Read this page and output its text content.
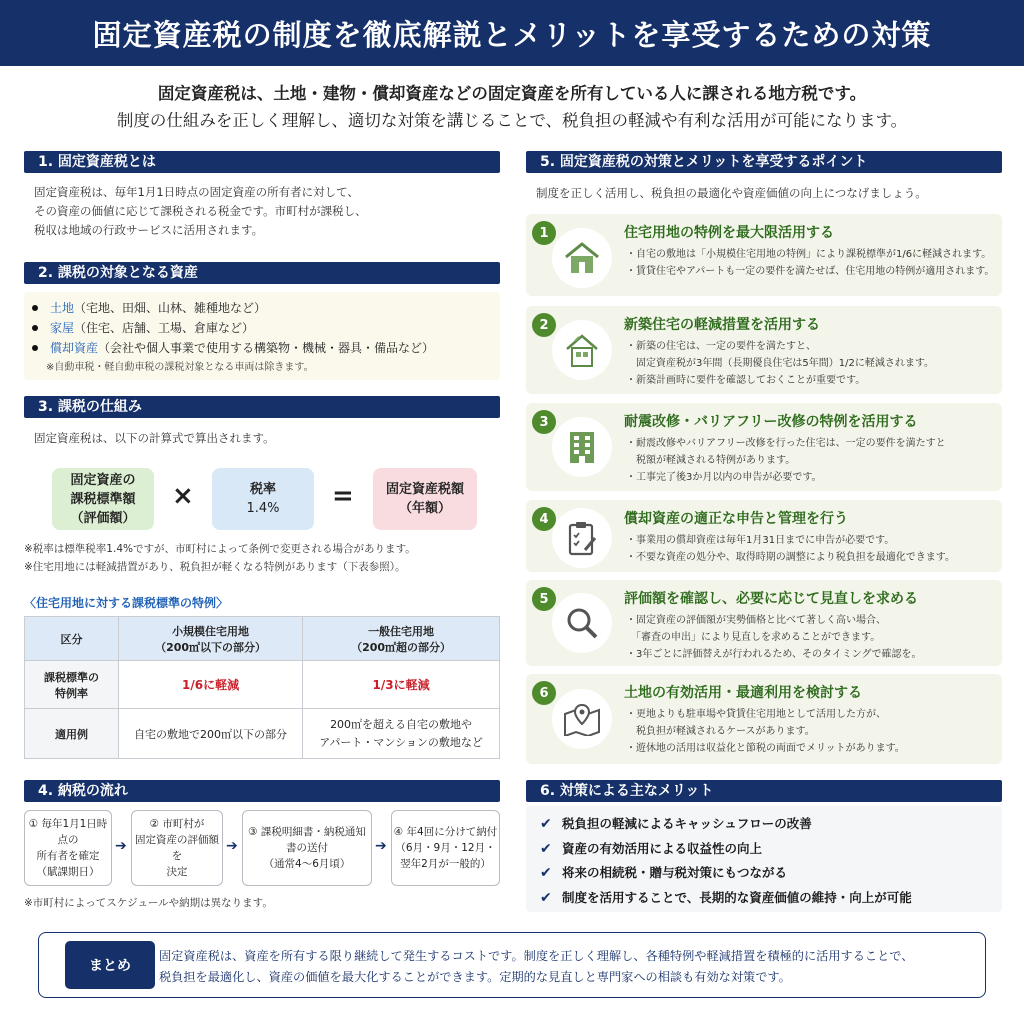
固定資産税の制度を徹底解説とメリットを享受するための対策
固定資産税は、土地・建物・償却資産などの固定資産を所有している人に課される地方税です。
制度の仕組みを正しく理解し、適切な対策を講じることで、税負担の軽減や有利な活用が可能になります。
1. 固定資産税とは
固定資産税は、毎年1月1日時点の固定資産の所有者に対して、
その資産の価値に応じて課税される税金です。市町村が課税し、
税収は地域の行政サービスに活用されます。
2. 課税の対象となる資産
土地（宅地、田畑、山林、雑種地など）
家屋（住宅、店舗、工場、倉庫など）
償却資産（会社や個人事業で使用する構築物・機械・器具・備品など）
※自動車税・軽自動車税の課税対象となる車両は除きます。
3. 課税の仕組み
固定資産税は、以下の計算式で算出されます。
固定資産の
課税標準額
（評価額）
×	税率
1.4% = 固定資産税額
（年額）
※税率は標準税率1.4%ですが、市町村によって条例で変更される場合があります。
※住宅用地には軽減措置があり、税負担が軽くなる特例があります（下表参照）。
〈住宅用地に対する課税標準の特例〉
区分	小規模住宅用地
（200㎡以下の部分）	一般住宅用地
（200㎡超の部分）
課税標準の
特例率	1/6に軽減	1/3に軽減
適用例	自宅の敷地で200㎡以下の部分	200㎡を超える自宅の敷地や
アパート・マンションの敷地など
4. 納税の流れ
① 毎年1月1日時点の
所有者を確定
（賦課期日）
➔
② 市町村が
固定資産の評価額を
決定
➔
③ 課税明細書・納税通知書の送付
（通常4〜6月頃）
➔
④ 年4回に分けて納付
（6月・9月・12月・
翌年2月が一般的）
※市町村によってスケジュールや納期は異なります。
5. 固定資産税の対策とメリットを享受するポイント
制度を正しく活用し、税負担の最適化や資産価値の向上につなげましょう。
1	住宅用地の特例を最大限活用する
・自宅の敷地は「小規模住宅用地の特例」により課税標準が1/6に軽減されます。
・賃貸住宅やアパートも一定の要件を満たせば、住宅用地の特例が適用されます。
2	新築住宅の軽減措置を活用する
・新築の住宅は、一定の要件を満たすと、
　固定資産税が3年間（長期優良住宅は5年間）1/2に軽減されます。
・新築計画時に要件を確認しておくことが重要です。
3	耐震改修・バリアフリー改修の特例を活用する
・耐震改修やバリアフリー改修を行った住宅は、一定の要件を満たすと
　税額が軽減される特例があります。
・工事完了後3か月以内の申告が必要です。
4	償却資産の適正な申告と管理を行う
・事業用の償却資産は毎年1月31日までに申告が必要です。
・不要な資産の処分や、取得時期の調整により税負担を最適化できます。
5	評価額を確認し、必要に応じて見直しを求める
・固定資産の評価額が実勢価格と比べて著しく高い場合、
　「審査の申出」により見直しを求めることができます。
・3年ごとに評価替えが行われるため、そのタイミングで確認を。
6	土地の有効活用・最適利用を検討する
・更地よりも駐車場や貸賃住宅用地として活用した方が、
　税負担が軽減されるケースがあります。
・遊休地の活用は収益化と節税の両面でメリットがあります。
6. 対策による主なメリット
✔ 税負担の軽減によるキャッシュフローの改善
✔ 資産の有効活用による収益性の向上
✔ 将来の相続税・贈与税対策にもつながる
✔ 制度を活用することで、長期的な資産価値の維持・向上が可能
まとめ
固定資産税は、資産を所有する限り継続して発生するコストです。制度を正しく理解し、各種特例や軽減措置を積極的に活用することで、
税負担を最適化し、資産の価値を最大化することができます。定期的な見直しと専門家への相談も有効な対策です。
